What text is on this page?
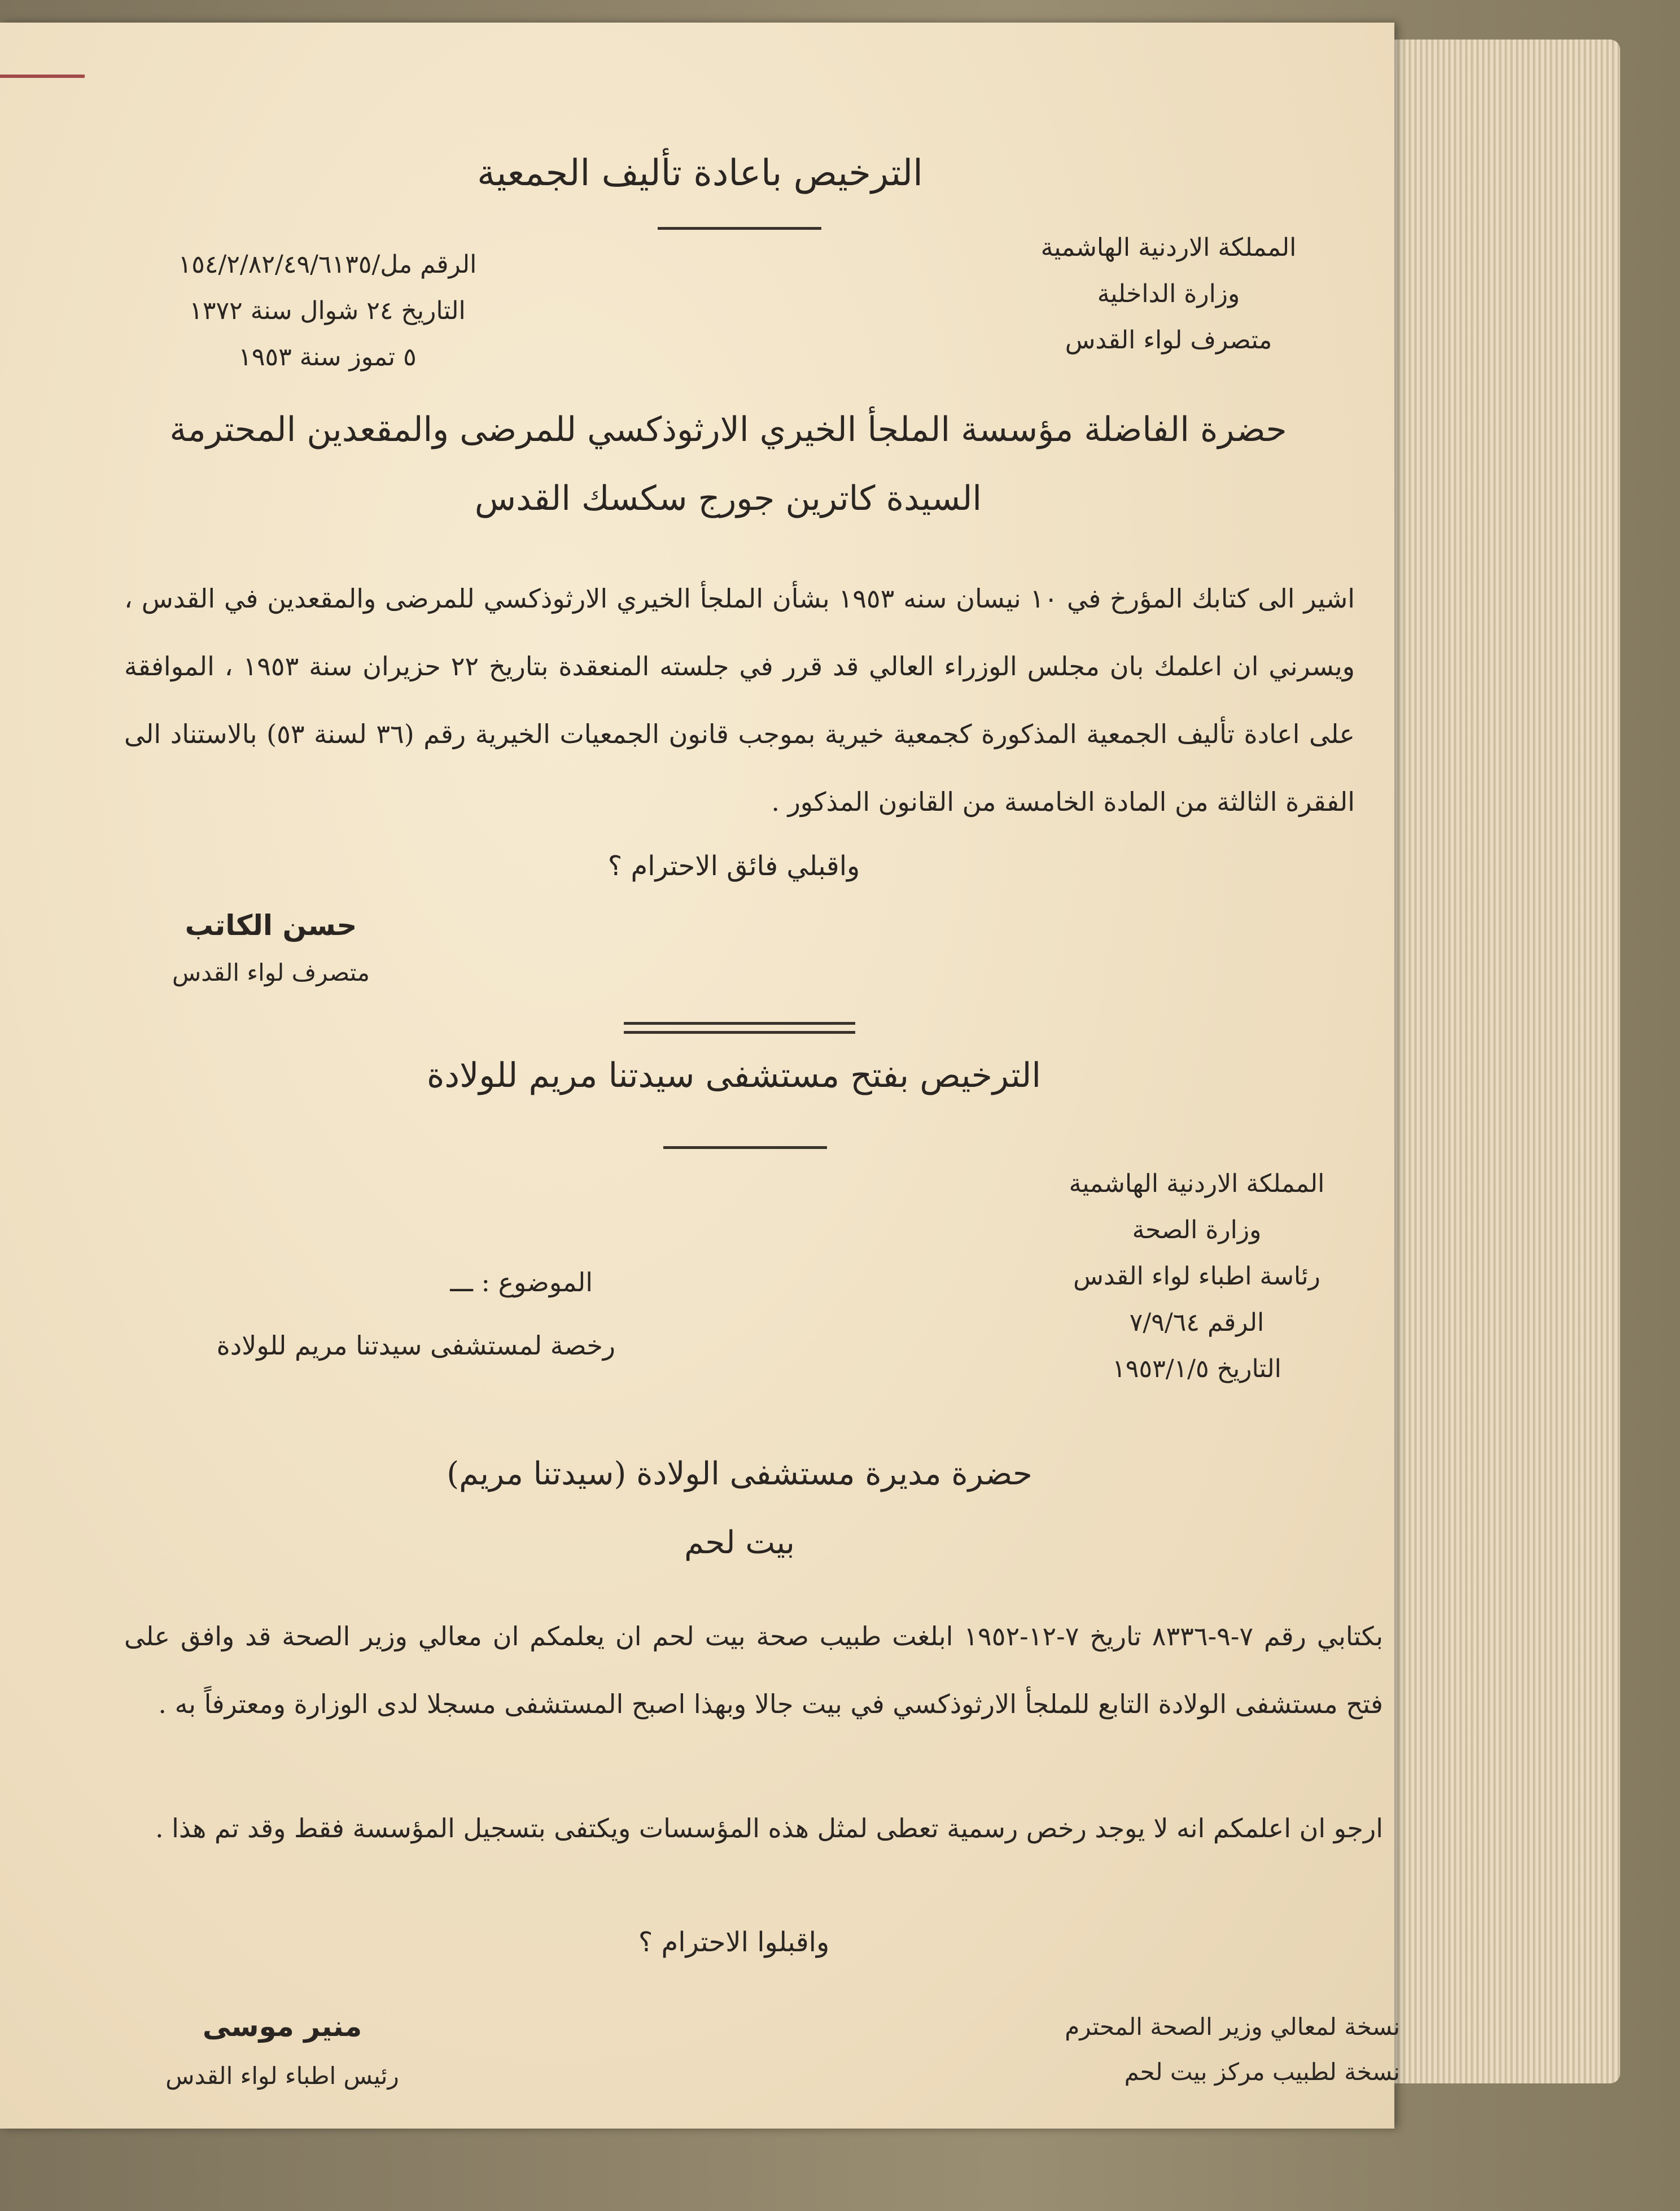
الترخيص باعادة تأليف الجمعية
المملكة الاردنية الهاشمية
وزارة الداخلية
متصرف لواء القدس
الرقم مل/١٥٤/٢/٨٢/٤٩/٦١٣٥
التاريخ ٢٤ شوال سنة ١٣٧٢
٥ تموز سنة ١٩٥٣
حضرة الفاضلة مؤسسة الملجأ الخيري الارثوذكسي للمرضى والمقعدين المحترمة
السيدة كاترين جورج سكسك القدس
اشير الى كتابك المؤرخ في ١٠ نيسان سنه ١٩٥٣ بشأن الملجأ الخيري الارثوذكسي للمرضى والمقعدين في القدس ، ويسرني ان اعلمك بان مجلس الوزراء العالي قد قرر في جلسته المنعقدة بتاريخ ٢٢ حزيران سنة ١٩٥٣ ، الموافقة على اعادة تأليف الجمعية المذكورة كجمعية خيرية بموجب قانون الجمعيات الخيرية رقم (٣٦ لسنة ٥٣) بالاستناد الى الفقرة الثالثة من المادة الخامسة من القانون المذكور .
واقبلي فائق الاحترام ؟
حسن الكاتب
متصرف لواء القدس
الترخيص بفتح مستشفى سيدتنا مريم للولادة
المملكة الاردنية الهاشمية
وزارة الصحة
رئاسة اطباء لواء القدس
الرقم ٧/٩/٦٤
التاريخ ١٩٥٣/١/٥
الموضوع : ـــ
رخصة لمستشفى سيدتنا مريم للولادة
حضرة مديرة مستشفى الولادة (سيدتنا مريم)
بيت لحم
بكتابي رقم ٧-٩-٨٣٣٦ تاريخ ٧-١٢-١٩٥٢ ابلغت طبيب صحة بيت لحم ان يعلمكم ان معالي وزير الصحة قد وافق على فتح مستشفى الولادة التابع للملجأ الارثوذكسي في بيت جالا وبهذا اصبح المستشفى مسجلا لدى الوزارة ومعترفاً به .
ارجو ان اعلمكم انه لا يوجد رخص رسمية تعطى لمثل هذه المؤسسات ويكتفى بتسجيل المؤسسة فقط وقد تم هذا .
واقبلوا الاحترام ؟
منير موسى
رئيس اطباء لواء القدس
نسخة لمعالي وزير الصحة المحترم
نسخة لطبيب مركز بيت لحم
